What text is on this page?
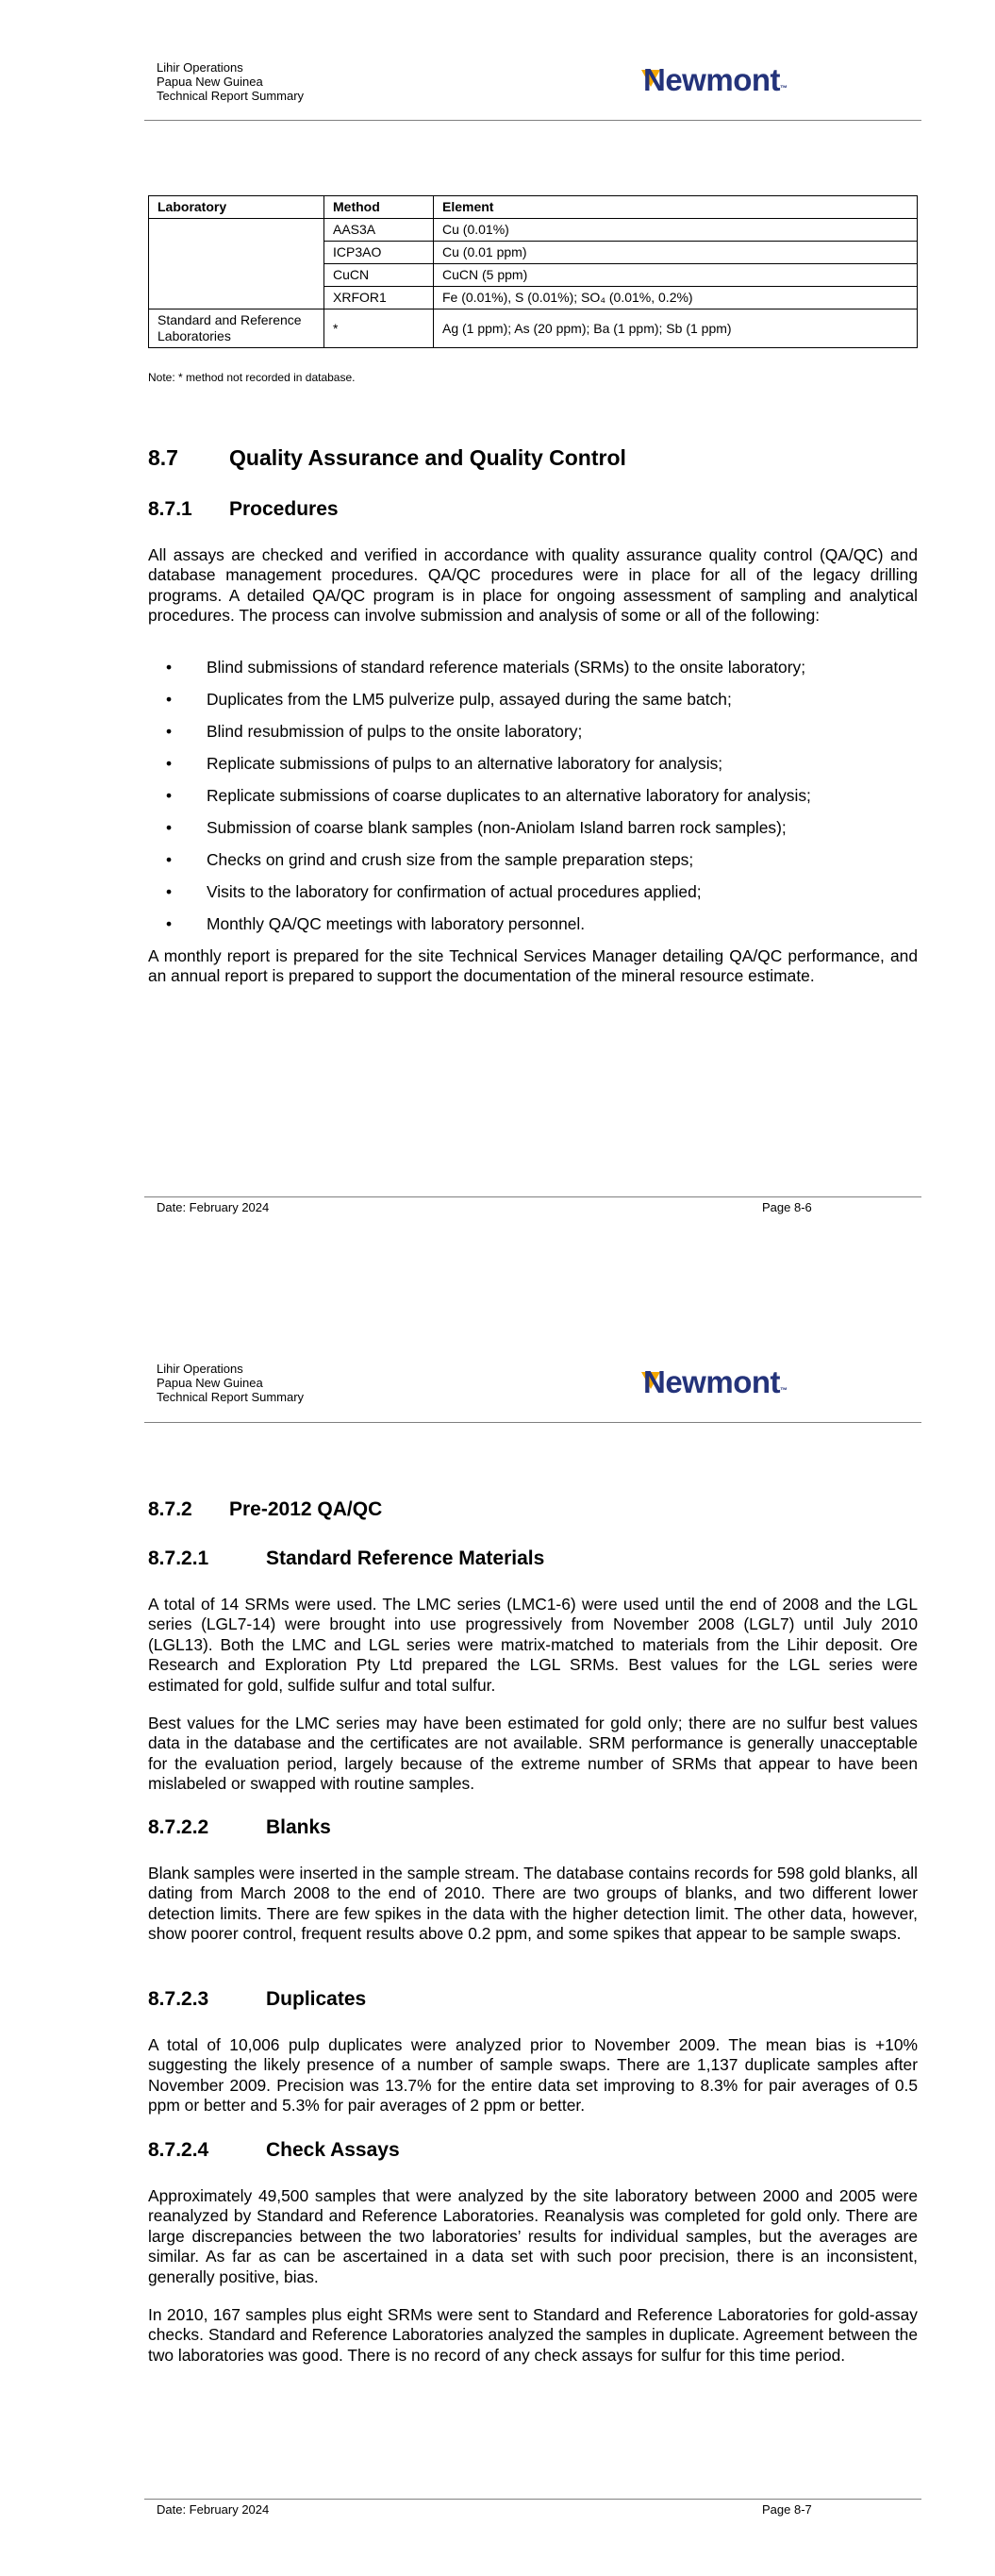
Lihir Operations
Papua New Guinea
Technical Report Summary	Newmont™
Laboratory	Method	Element
	AAS3A	Cu (0.01%)
	ICP3AO	Cu (0.01 ppm)
	CuCN	CuCN (5 ppm)
	XRFOR1	Fe (0.01%), S (0.01%); SO₄ (0.01%, 0.2%)
Standard and Reference Laboratories	*	Ag (1 ppm); As (20 ppm); Ba (1 ppm); Sb (1 ppm)
Note: * method not recorded in database.
8.7 Quality Assurance and Quality Control
8.7.1 Procedures

All assays are checked and verified in accordance with quality assurance quality control (QA/QC) and database management procedures. QA/QC procedures were in place for all of the legacy drilling programs. A detailed QA/QC program is in place for ongoing assessment of sampling and analytical procedures. The process can involve submission and analysis of some or all of the following:

• Blind submissions of standard reference materials (SRMs) to the onsite laboratory;
• Duplicates from the LM5 pulverize pulp, assayed during the same batch;
• Blind resubmission of pulps to the onsite laboratory;
• Replicate submissions of pulps to an alternative laboratory for analysis;
• Replicate submissions of coarse duplicates to an alternative laboratory for analysis;
• Submission of coarse blank samples (non-Aniolam Island barren rock samples);
• Checks on grind and crush size from the sample preparation steps;
• Visits to the laboratory for confirmation of actual procedures applied;
• Monthly QA/QC meetings with laboratory personnel.

A monthly report is prepared for the site Technical Services Manager detailing QA/QC performance, and an annual report is prepared to support the documentation of the mineral resource estimate.

Date: February 2024	Page 8-6
Lihir Operations
Papua New Guinea
Technical Report Summary	Newmont™
8.7.2 Pre-2012 QA/QC
8.7.2.1	Standard Reference Materials

A total of 14 SRMs were used. The LMC series (LMC1-6) were used until the end of 2008 and the LGL series (LGL7-14) were brought into use progressively from November 2008 (LGL7) until July 2010 (LGL13). Both the LMC and LGL series were matrix-matched to materials from the Lihir deposit. Ore Research and Exploration Pty Ltd prepared the LGL SRMs. Best values for the LGL series were estimated for gold, sulfide sulfur and total sulfur.

Best values for the LMC series may have been estimated for gold only; there are no sulfur best values data in the database and the certificates are not available. SRM performance is generally unacceptable for the evaluation period, largely because of the extreme number of SRMs that appear to have been mislabeled or swapped with routine samples.

8.7.2.2	Blanks

Blank samples were inserted in the sample stream. The database contains records for 598 gold blanks, all dating from March 2008 to the end of 2010. There are two groups of blanks, and two different lower detection limits. There are few spikes in the data with the higher detection limit. The other data, however, show poorer control, frequent results above 0.2 ppm, and some spikes that appear to be sample swaps.

8.7.2.3	Duplicates

A total of 10,006 pulp duplicates were analyzed prior to November 2009. The mean bias is +10% suggesting the likely presence of a number of sample swaps. There are 1,137 duplicate samples after November 2009. Precision was 13.7% for the entire data set improving to 8.3% for pair averages of 0.5 ppm or better and 5.3% for pair averages of 2 ppm or better.

8.7.2.4	Check Assays

Approximately 49,500 samples that were analyzed by the site laboratory between 2000 and 2005 were reanalyzed by Standard and Reference Laboratories. Reanalysis was completed for gold only. There are large discrepancies between the two laboratories’ results for individual samples, but the averages are similar. As far as can be ascertained in a data set with such poor precision, there is an inconsistent, generally positive, bias.

In 2010, 167 samples plus eight SRMs were sent to Standard and Reference Laboratories for gold-assay checks. Standard and Reference Laboratories analyzed the samples in duplicate. Agreement between the two laboratories was good. There is no record of any check assays for sulfur for this time period.

Date: February 2024	Page 8-7
